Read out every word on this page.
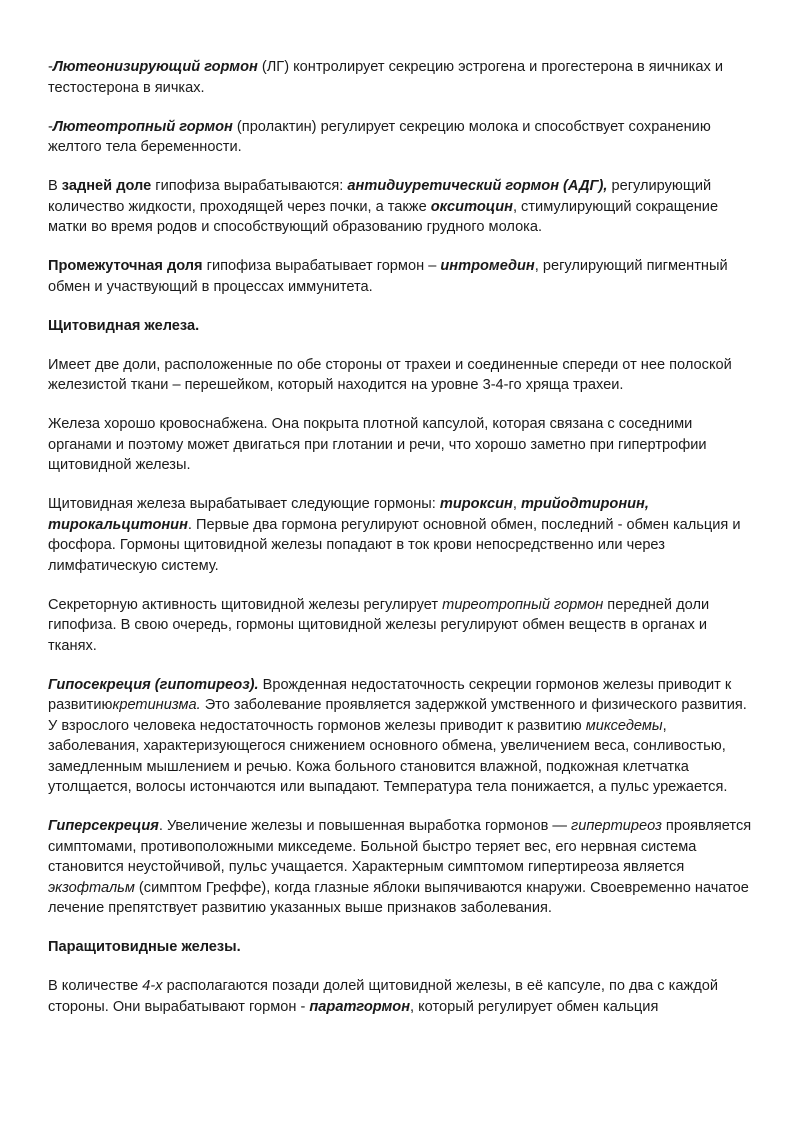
-Лютеонизирующий гормон (ЛГ) контролирует секрецию эстрогена и прогестерона в яичниках и тестостерона в яичках.

-Лютеотропный гормон (пролактин) регулирует секрецию молока и способствует сохранению желтого тела беременности.

В задней доле гипофиза вырабатываются: антидиуретический гормон (АДГ), регулирующий количество жидкости, проходящей через почки, а также окситоцин, стимулирующий сокращение матки во время родов и способствующий образованию грудного молока.

Промежуточная доля гипофиза вырабатывает гормон – интромедин, регулирующий пигментный обмен и участвующий в процессах иммунитета.

Щитовидная железа.

Имеет две доли, расположенные по обе стороны от трахеи и соединенные спереди от нее полоской железистой ткани – перешейком, который находится на уровне 3-4-го хряща трахеи.

Железа хорошо кровоснабжена. Она покрыта плотной капсулой, которая связана с соседними органами и поэтому может двигаться при глотании и речи, что хорошо заметно при гипертрофии щитовидной железы.

Щитовидная железа вырабатывает следующие гормоны: тироксин, трийодтиронин, тирокальцитонин. Первые два гормона регулируют основной обмен, последний - обмен кальция и фосфора. Гормоны щитовидной железы попадают в ток крови непосредственно или через лимфатическую систему.

Секреторную активность щитовидной железы регулирует тиреотропный гормон передней доли гипофиза. В свою очередь, гормоны щитовидной железы регулируют обмен веществ в органах и тканях.

Гипосекреция (гипотиреоз). Врожденная недостаточность секреции гормонов железы приводит к развитиюкретинизма. Это заболевание проявляется задержкой умственного и физического развития. У взрослого человека недостаточность гормонов железы приводит к развитию микседемы, заболевания, характеризующегося снижением основного обмена, увеличением веса, сонливостью, замедленным мышлением и речью. Кожа больного становится влажной, подкожная клетчатка утолщается, волосы истончаются или выпадают. Температура тела понижается, а пульс урежается.

Гиперсекреция. Увеличение железы и повышенная выработка гормонов — гипертиреоз проявляется симптомами, противоположными микседеме. Больной быстро теряет вес, его нервная система становится неустойчивой, пульс учащается. Характерным симптомом гипертиреоза является экзофтальм (симптом Греффе), когда глазные яблоки выпячиваются кнаружи. Своевременно начатое лечение препятствует развитию указанных выше признаков заболевания.

Паращитовидные железы.

В количестве 4-х располагаются позади долей щитовидной железы, в её капсуле, по два с каждой стороны. Они вырабатывают гормон - паратгормон, который регулирует обмен кальция
